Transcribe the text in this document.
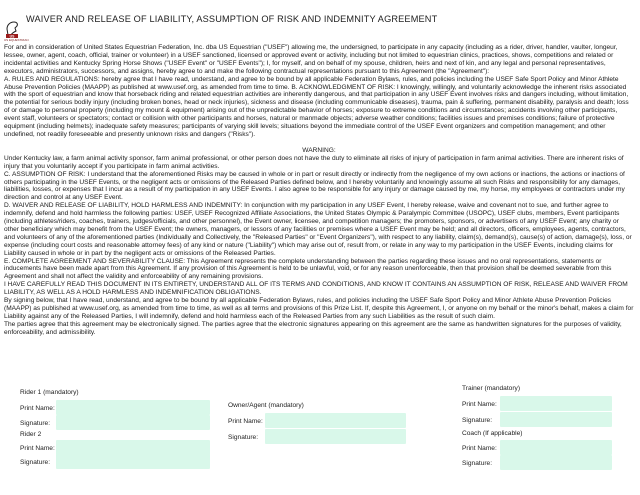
US
US EQUESTRIAN
WAIVER AND RELEASE OF LIABILITY, ASSUMPTION OF RISK AND INDEMNITY AGREEMENT

For and in consideration of United States Equestrian Federation, Inc. dba US Equestrian ("USEF") allowing me, the undersigned, to participate in any capacity (including as a rider, driver, handler, vaulter, longeur, lessee, owner, agent, coach, official, trainer or volunteer) in a USEF sanctioned, licensed or approved event or activity, including but not limited to equestrian clinics, practices, shows, competitions and related or incidental activities and Kentucky Spring Horse Shows ("USEF Event" or "USEF Events"); I, for myself, and on behalf of my spouse, children, heirs and next of kin, and any legal and personal representatives, executors, administrators, successors, and assigns, hereby agree to and make the following contractual representations pursuant to this Agreement (the "Agreement"):

A. RULES AND REGULATIONS: hereby agree that I have read, understand, and agree to be bound by all applicable Federation Bylaws, rules, and policies including the USEF Safe Sport Policy and Minor Athlete Abuse Prevention Policies (MAAPP) as published at www.usef.org, as amended from time to time. B. ACKNOWLEDGMENT OF RISK: I knowingly, willingly, and voluntarily acknowledge the inherent risks associated with the sport of equestrian and know that horseback riding and related equestrian activities are inherently dangerous, and that participation in any USEF Event involves risks and dangers including, without limitation, the potential for serious bodily injury (including broken bones, head or neck injuries), sickness and disease (including communicable diseases), trauma, pain & suffering, permanent disability, paralysis and death; loss of or damage to personal property (including my mount & equipment) arising out of the unpredictable behavior of horses; exposure to extreme conditions and circumstances; accidents involving other participants, event staff, volunteers or spectators; contact or collision with other participants and horses, natural or manmade objects; adverse weather conditions; facilities issues and premises conditions; failure of protective equipment (including helmets); inadequate safety measures; participants of varying skill levels; situations beyond the immediate control of the USEF Event organizers and competition management; and other undefined, not readily foreseeable and presently unknown risks and dangers ("Risks").

WARNING:

Under Kentucky law, a farm animal activity sponsor, farm animal professional, or other person does not have the duty to eliminate all risks of injury of participation in farm animal activities. There are inherent risks of injury that you voluntarily accept if you participate in farm animal activities.

C. ASSUMPTION OF RISK: I understand that the aforementioned Risks may be caused in whole or in part or result directly or indirectly from the negligence of my own actions or inactions, the actions or inactions of others participating in the USEF Events, or the negligent acts or omissions of the Released Parties defined below, and I hereby voluntarily and knowingly assume all such Risks and responsibility for any damages, liabilities, losses, or expenses that I incur as a result of my participation in any USEF Events. I also agree to be responsible for any injury or damage caused by me, my horse, my employees or contractors under my direction and control at any USEF Event.

D. WAIVER AND RELEASE OF LIABILITY, HOLD HARMLESS AND INDEMNITY: In conjunction with my participation in any USEF Event, I hereby release, waive and covenant not to sue, and further agree to indemnify, defend and hold harmless the following parties: USEF, USEF Recognized Affiliate Associations, the United States Olympic & Paralympic Committee (USOPC), USEF clubs, members, Event participants (including athletes/riders, coaches, trainers, judges/officials, and other personnel), the Event owner, licensee, and competition managers; the promoters, sponsors, or advertisers of any USEF Event; any charity or other beneficiary which may benefit from the USEF Event; the owners, managers, or lessors of any facilities or premises where a USEF Event may be held; and all directors, officers, employees, agents, contractors, and volunteers of any of the aforementioned parties (Individually and Collectively, the "Released Parties" or "Event Organizers"), with respect to any liability, claim(s), demand(s), cause(s) of action, damage(s), loss, or expense (including court costs and reasonable attorney fees) of any kind or nature ("Liability") which may arise out of, result from, or relate in any way to my participation in the USEF Events, including claims for Liability caused in whole or in part by the negligent acts or omissions of the Released Parties.

E. COMPLETE AGREEMENT AND SEVERABILITY CLAUSE: This Agreement represents the complete understanding between the parties regarding these issues and no oral representations, statements or inducements have been made apart from this Agreement. If any provision of this Agreement is held to be unlawful, void, or for any reason unenforceable, then that provision shall be deemed severable from this Agreement and shall not affect the validity and enforceability of any remaining provisions.

I HAVE CAREFULLY READ THIS DOCUMENT IN ITS ENTIRETY, UNDERSTAND ALL OF ITS TERMS AND CONDITIONS, AND KNOW IT CONTAINS AN ASSUMPTION OF RISK, RELEASE AND WAIVER FROM LIABILITY, AS WELL AS A HOLD HARMLESS AND INDEMNIFICATION OBLIGATIONS.

By signing below, that I have read, understand, and agree to be bound by all applicable Federation Bylaws, rules, and policies including the USEF Safe Sport Policy and Minor Athlete Abuse Prevention Policies (MAAPP) as published at www.usef.org, as amended from time to time, as well as all terms and provisions of this Prize List. If, despite this Agreement, I, or anyone on my behalf or the minor's behalf, makes a claim for Liability against any of the Released Parties, I will indemnify, defend and hold harmless each of the Released Parties from any such Liabilities as the result of such claim.

The parties agree that this agreement may be electronically signed. The parties agree that the electronic signatures appearing on this agreement are the same as handwritten signatures for the purposes of validity, enforceability, and admissibility.

Rider 1 (mandatory)
Print Name:
Signature:
Rider 2
Print Name:
Signature:
Owner/Agent (mandatory)
Print Name:
Signature:
Trainer (mandatory)
Print Name:
Signature:
Coach (If applicable)
Print Name:
Signature:
